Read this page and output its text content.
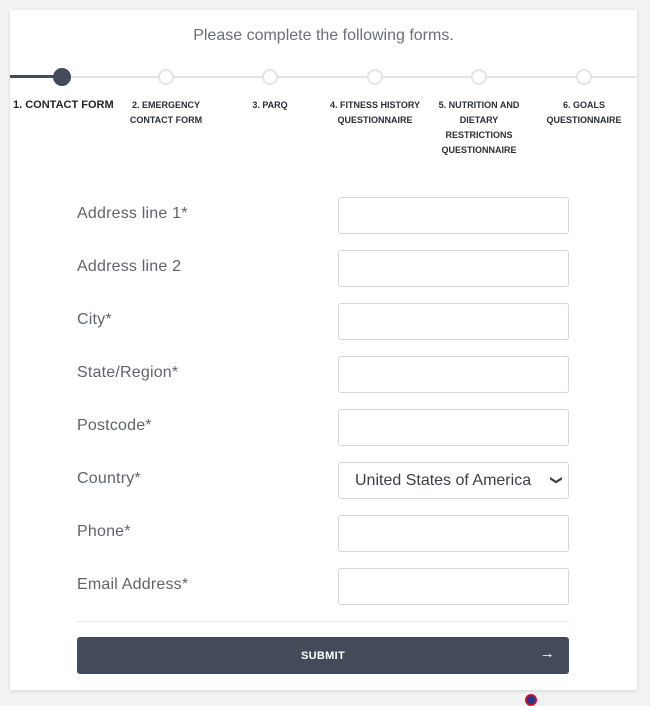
Please complete the following forms.
1. CONTACT FORM	2. EMERGENCY CONTACT FORM
3. PARQ	4. FITNESS HISTORY QUESTIONNAIRE
5. NUTRITION AND DIETARY RESTRICTIONS QUESTIONNAIRE
6. GOALS QUESTIONNAIRE
Address line 1*
Address line 2
City*
State/Region*
Postcode*
Country*	United States of America ❯
Phone*
Email Address*
SUBMIT	→
